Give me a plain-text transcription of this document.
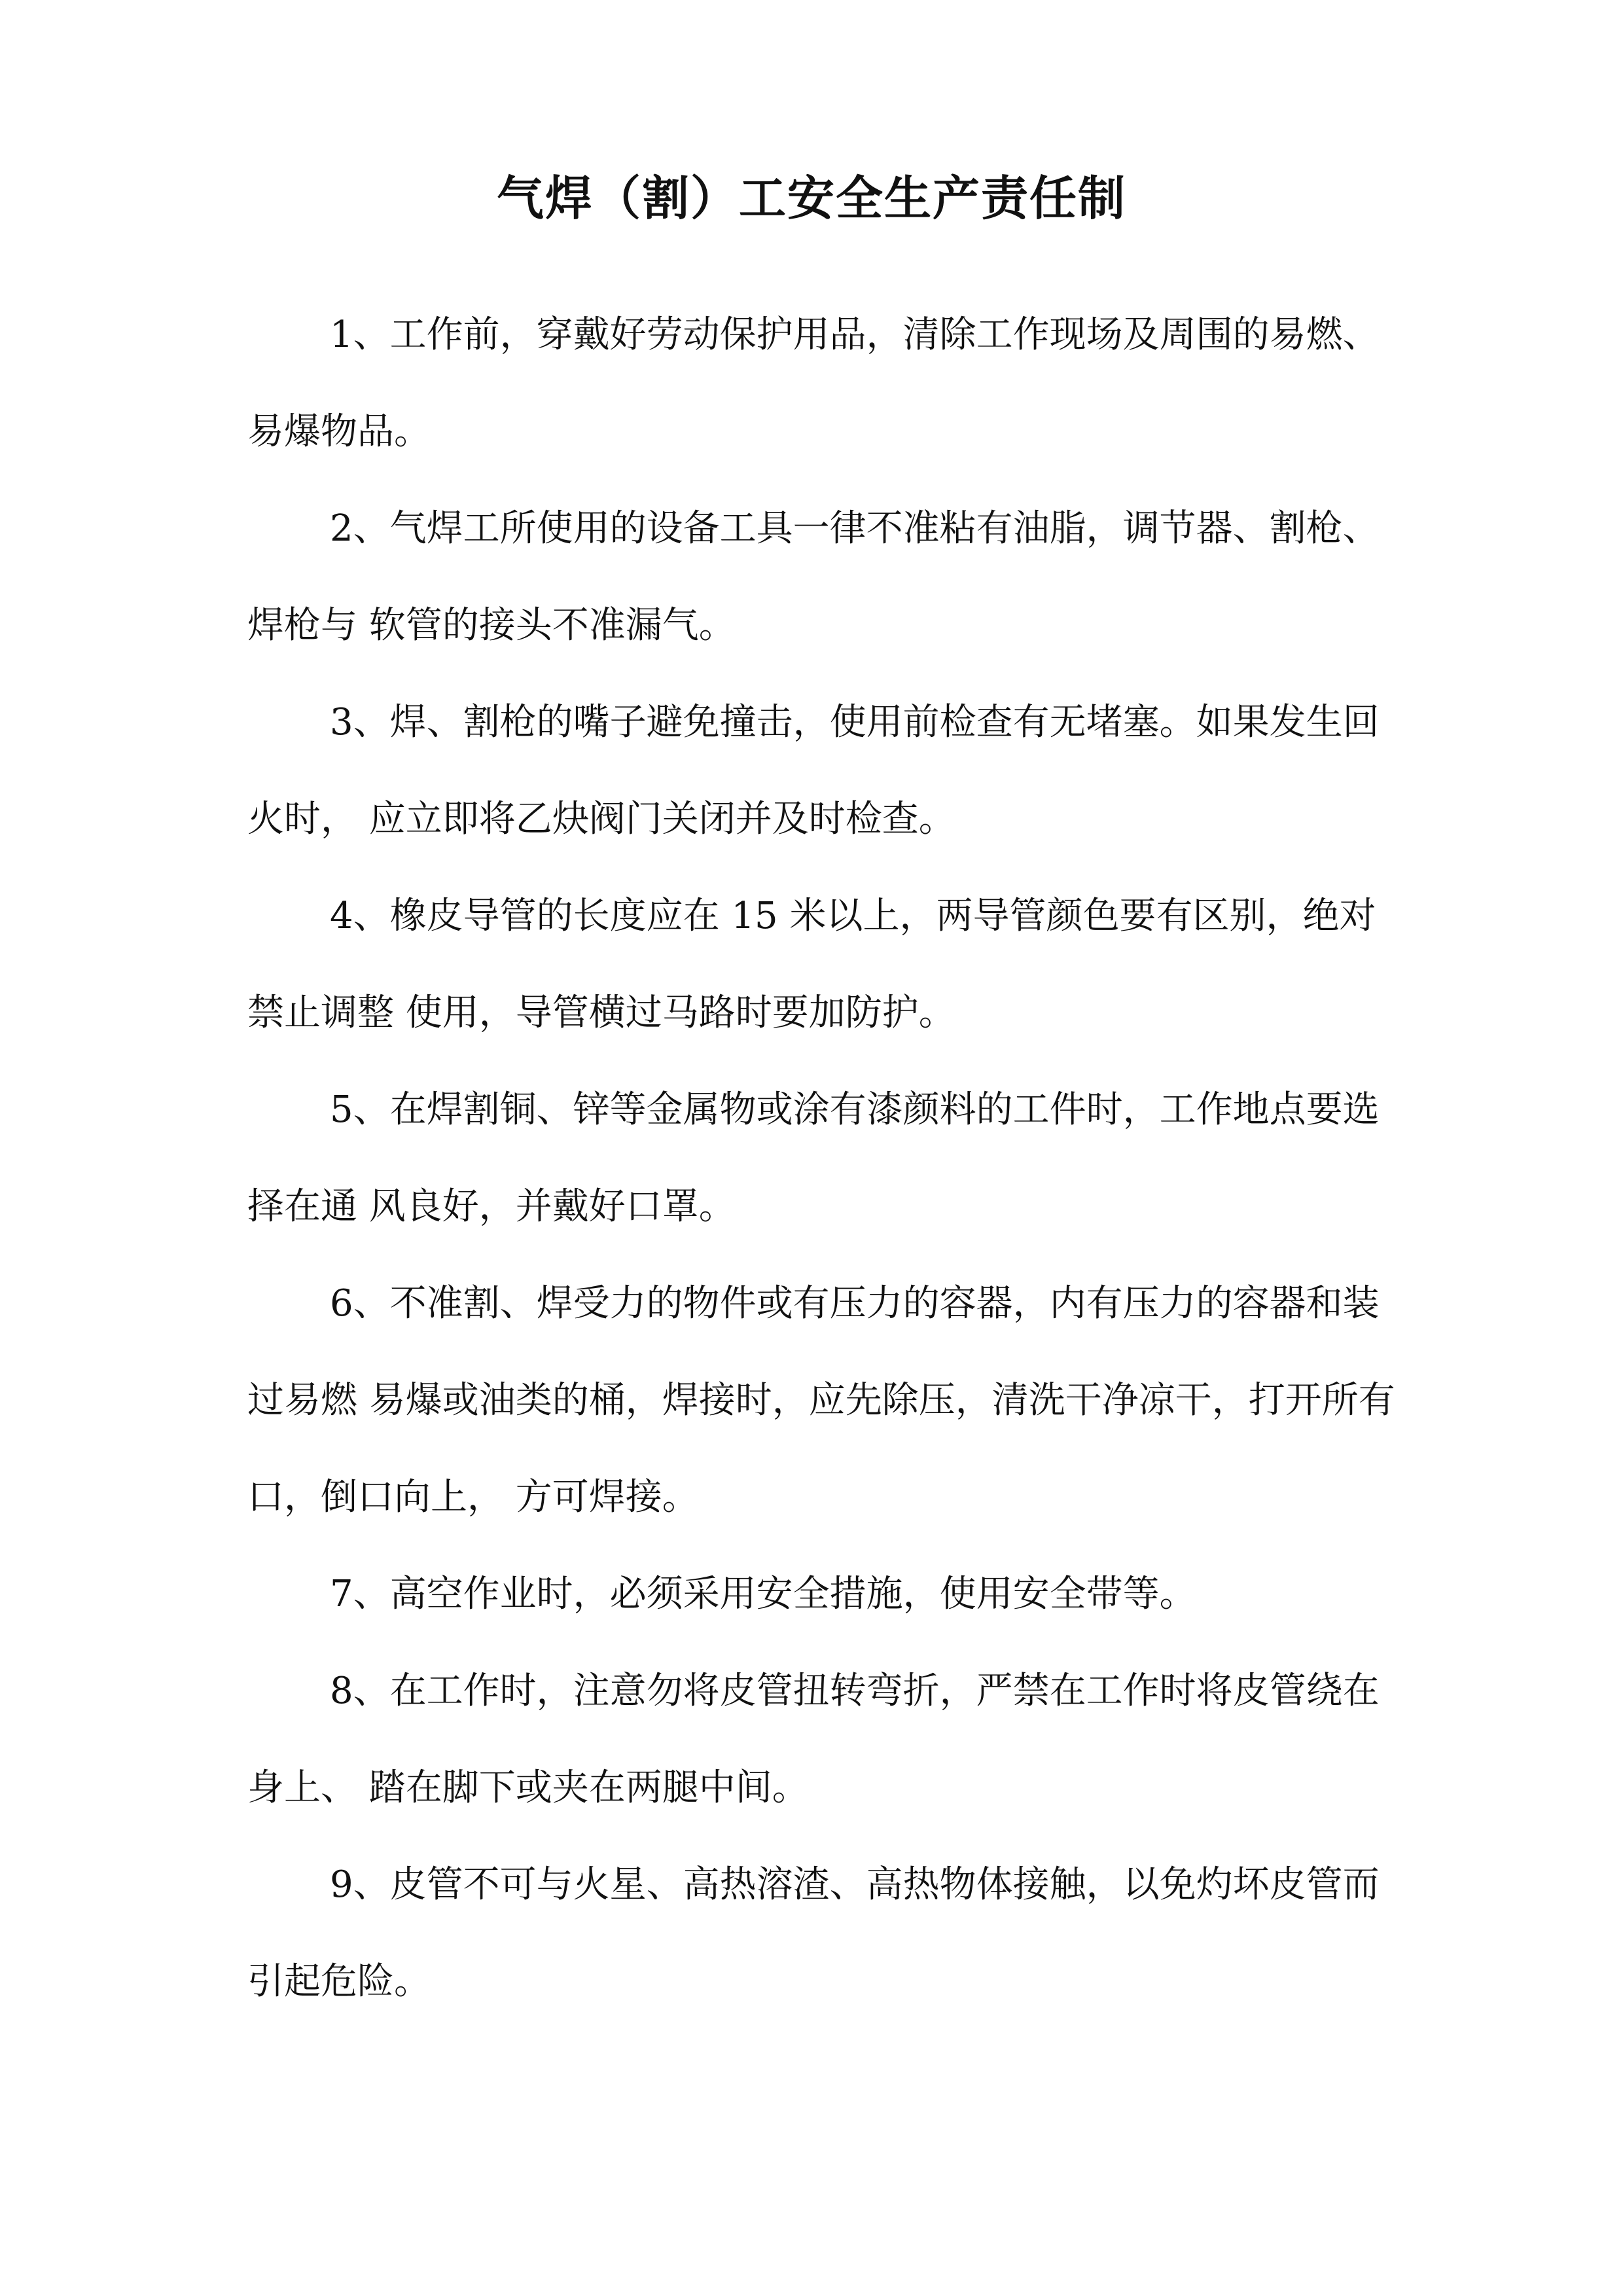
气焊（割）工安全生产责任制

1、工作前，穿戴好劳动保护用品，清除工作现场及周围的易燃、易爆物品。

2、气焊工所使用的设备工具一律不准粘有油脂，调节器、割枪、焊枪与 软管的接头不准漏气。

3、焊、割枪的嘴子避免撞击，使用前检查有无堵塞。如果发生回火时， 应立即将乙炔阀门关闭并及时检查。

4、橡皮导管的长度应在 15 米以上，两导管颜色要有区别，绝对禁止调整 使用，导管横过马路时要加防护。

5、在焊割铜、锌等金属物或涂有漆颜料的工件时，工作地点要选择在通 风良好，并戴好口罩。

6、不准割、焊受力的物件或有压力的容器，内有压力的容器和装过易燃 易爆或油类的桶，焊接时，应先除压，清洗干净凉干，打开所有口，倒口向上， 方可焊接。

7、高空作业时，必须采用安全措施，使用安全带等。

8、在工作时，注意勿将皮管扭转弯折，严禁在工作时将皮管绕在身上、 踏在脚下或夹在两腿中间。

9、皮管不可与火星、高热溶渣、高热物体接触，以免灼坏皮管而引起危险。
